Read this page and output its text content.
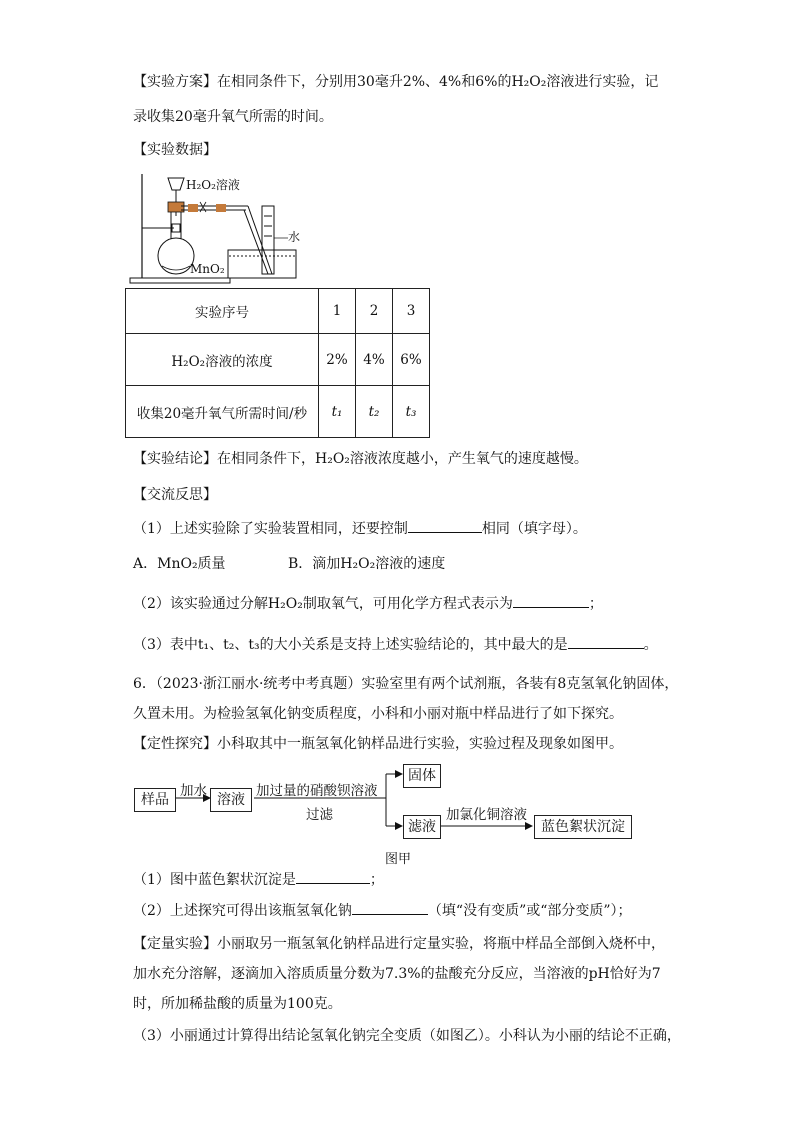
【实验方案】在相同条件下，分别用30毫升2%、4%和6%的H₂O₂溶液进行实验，记
录收集20毫升氧气所需的时间。
【实验数据】
H₂O₂溶液
水
MnO₂
实验序号	1	2	3
H₂O₂溶液的浓度	2%	4%	6%
收集20毫升氧气所需时间/秒	t₁	t₂	t₃
【实验结论】在相同条件下，H₂O₂溶液浓度越小，产生氧气的速度越慢。
【交流反思】
（1）上述实验除了实验装置相同，还要控制	相同（填字母）。
A．MnO₂质量	B．滴加H₂O₂溶液的速度
（2）该实验通过分解H₂O₂制取氧气，可用化学方程式表示为	；
（3）表中t₁、t₂、t₃的大小关系是支持上述实验结论的，其中最大的是	。
6．（2023·浙江丽水·统考中考真题）实验室里有两个试剂瓶，各装有8克氢氧化钠固体，
久置未用。为检验氢氧化钠变质程度，小科和小丽对瓶中样品进行了如下探究。
【定性探究】小科取其中一瓶氢氧化钠样品进行实验，实验过程及现象如图甲。
样品
加水
溶液
加过量的硝酸钡溶液
过滤
固体
滤液
加氯化铜溶液
蓝色絮状沉淀
图甲
（1）图中蓝色絮状沉淀是	；
（2）上述探究可得出该瓶氢氧化钠	（填“没有变质”或“部分变质”）；
【定量实验】小丽取另一瓶氢氧化钠样品进行定量实验，将瓶中样品全部倒入烧杯中，
加水充分溶解，逐滴加入溶质质量分数为7.3%的盐酸充分反应，当溶液的pH恰好为7
时，所加稀盐酸的质量为100克。
（3）小丽通过计算得出结论氢氧化钠完全变质（如图乙）。小科认为小丽的结论不正确，
